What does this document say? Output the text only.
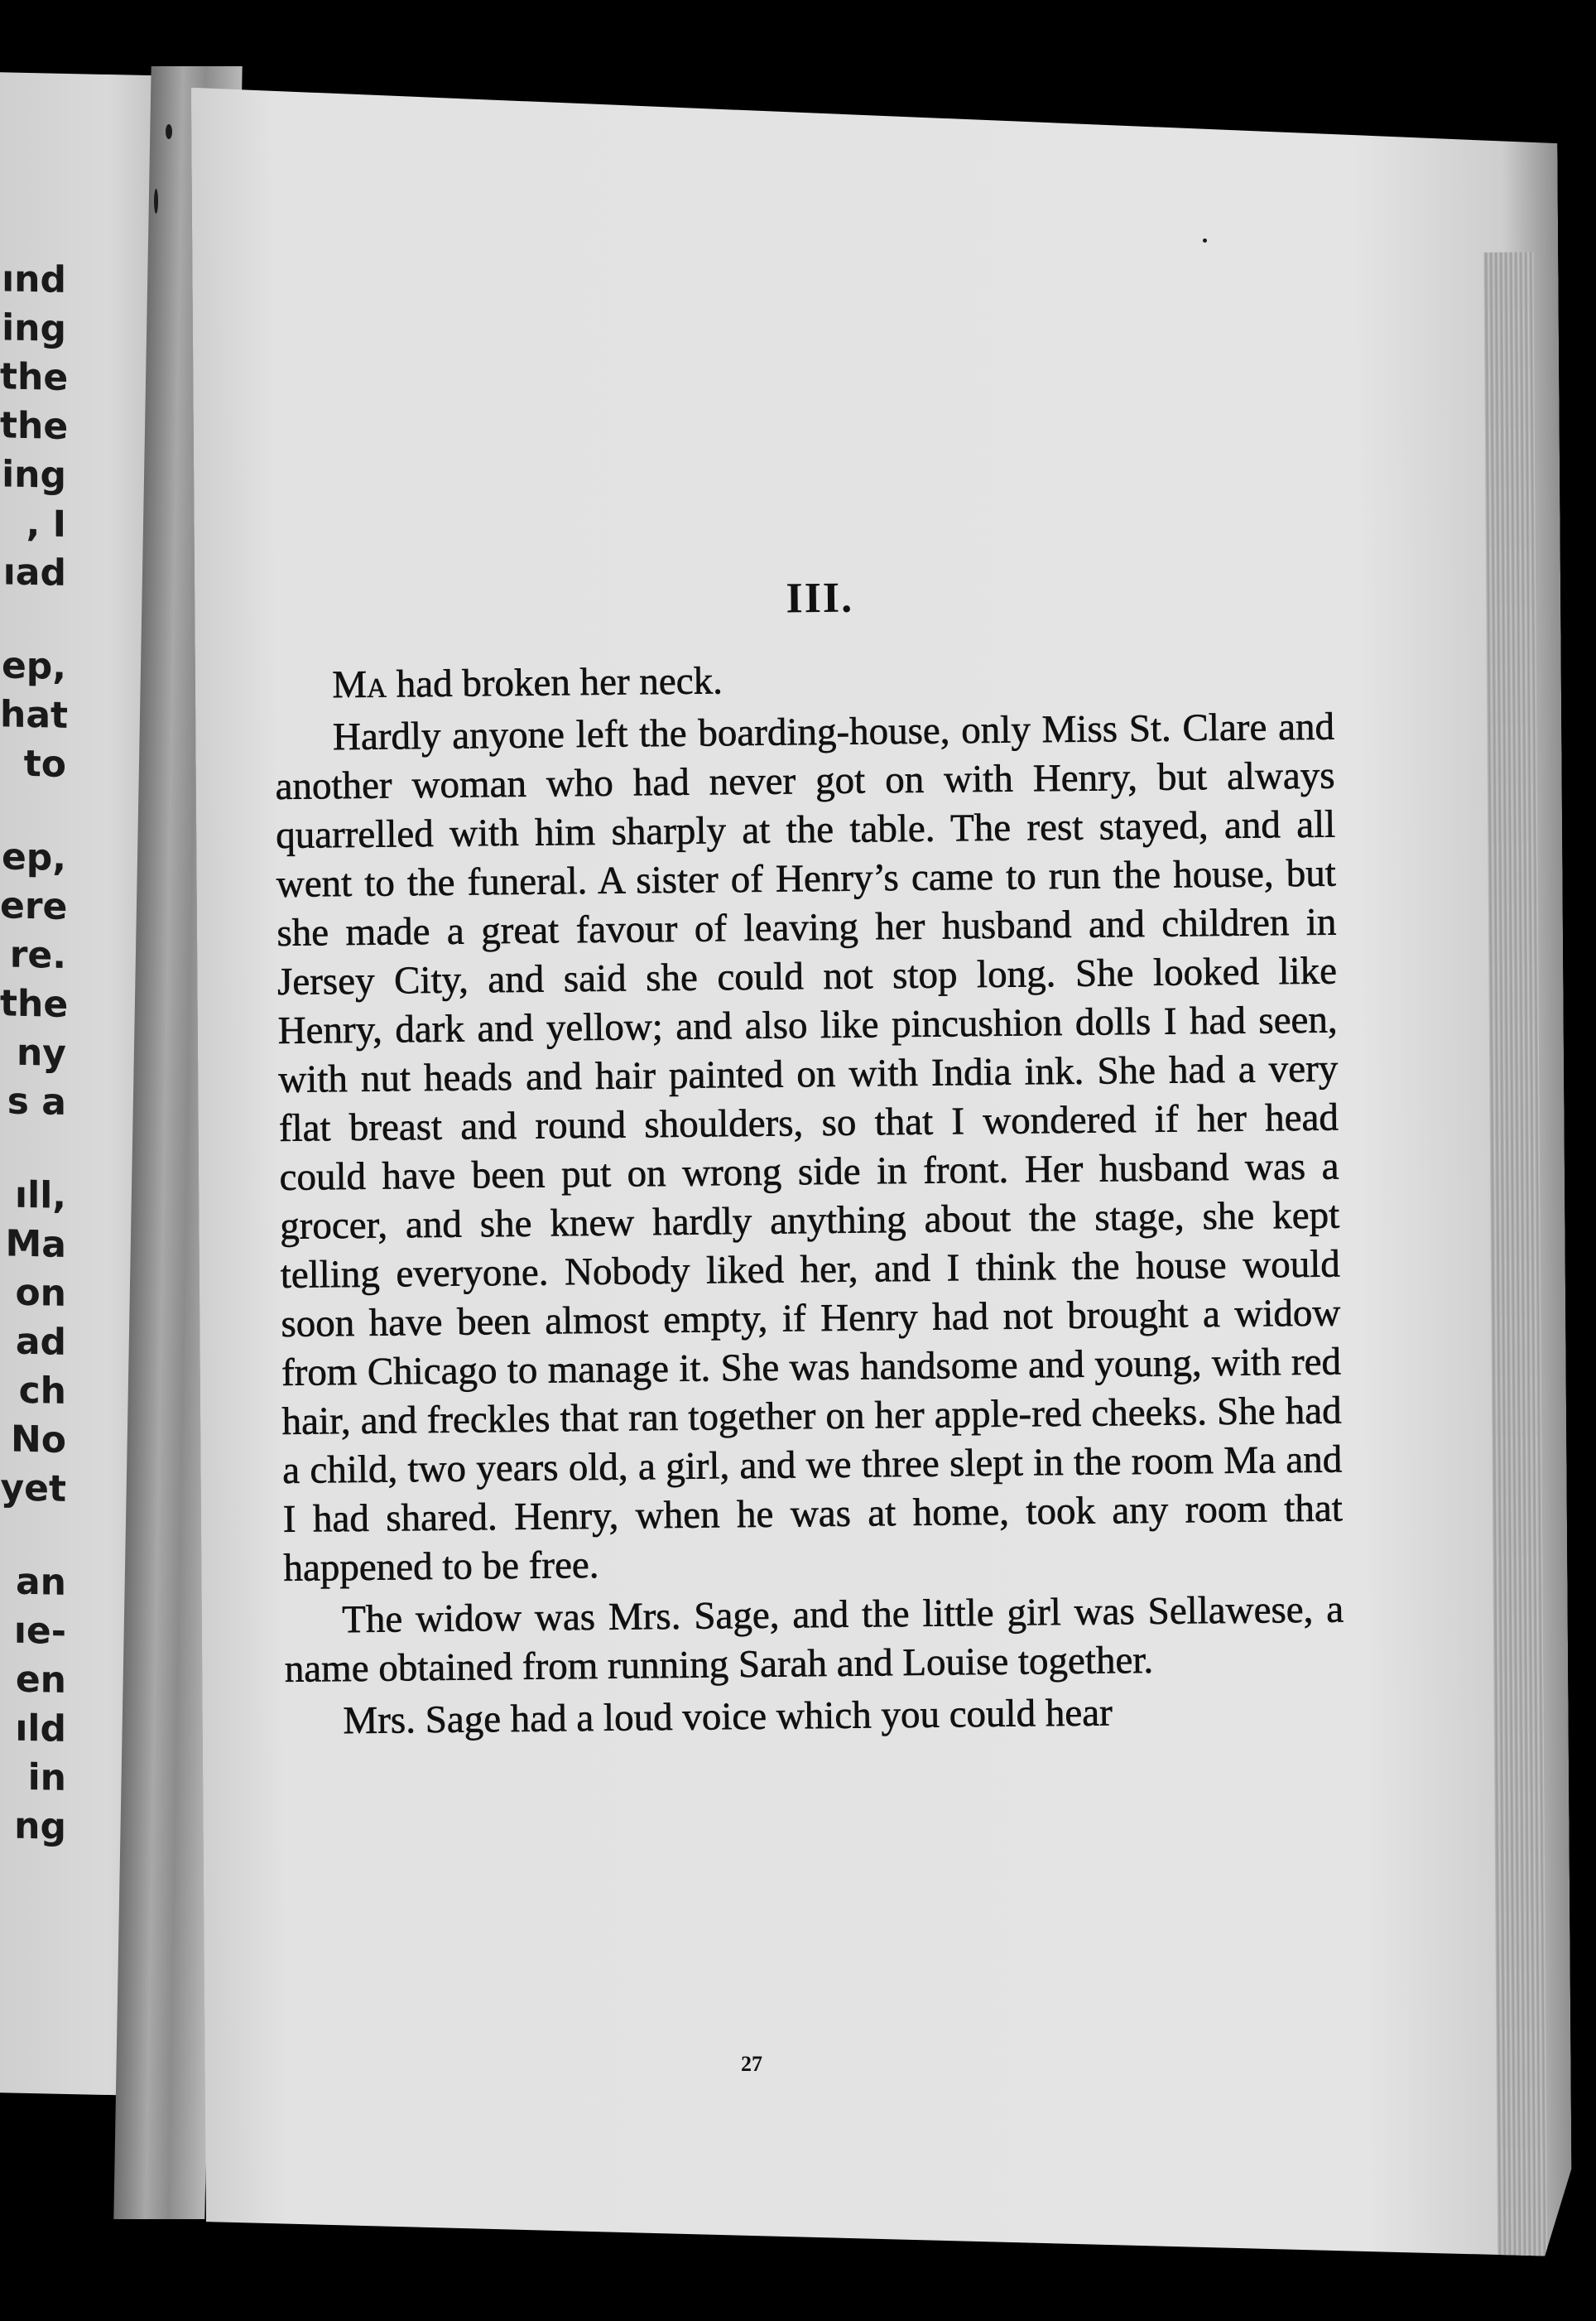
ınd
ing
the
the
ing
, I
ıad
ep,
hat
to
ep,
ere
re.
the
ny
s a
ıll,
Ma
on
ad
ch
No
yet
an
ıe-
en
ıld
in
ng
III.

Ma had broken her neck.

Hardly anyone left the boarding-house, only Miss St. Clare and another woman who had never got on with Henry, but always quarrelled with him sharply at the table. The rest stayed, and all went to the funeral. A sister of Henry’s came to run the house, but she made a great favour of leaving her husband and children in Jersey City, and said she could not stop long. She looked like Henry, dark and yellow; and also like pincushion dolls I had seen, with nut heads and hair painted on with India ink. She had a very flat breast and round shoulders, so that I wondered if her head could have been put on wrong side in front. Her husband was a grocer, and she knew hardly anything about the stage, she kept telling everyone. Nobody liked her, and I think the house would soon have been almost empty, if Henry had not brought a widow from Chicago to manage it. She was handsome and young, with red hair, and freckles that ran together on her apple-red cheeks. She had a child, two years old, a girl, and we three slept in the room Ma and I had shared. Henry, when he was at home, took any room that happened to be free.

The widow was Mrs. Sage, and the little girl was Sellawese, a name obtained from running Sarah and Louise together.

Mrs. Sage had a loud voice which you could hear

27
